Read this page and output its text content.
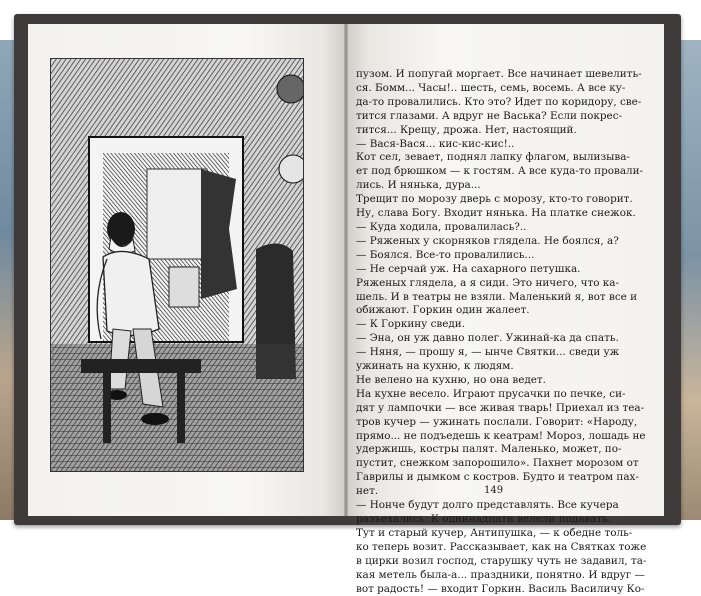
пузом. И попугай моргает. Все начинает шевелить-

ся. Бомм... Часы!.. шесть, семь, восемь. А все ку-

да-то провалились. Кто это? Идет по коридору, свe-

тится глазами. А вдруг не Васька? Если покрес-

тится... Крещу, дрожа. Нет, настоящий.

— Вася-Вася... кис-кис-кис!..

Кот сел, зевает, поднял лапку флагом, вылизыва-

ет под брюшком — к гостям. А все куда-то провали-

лись. И нянька, дура...

Трещит по морозу дверь с морозу, кто-то говорит.

Ну, слава Богу. Входит нянька. На платке снежок.

— Куда ходила, провалилась?..

— Ряженых у скорняков глядела. Не боялся, а?

— Боялся. Все-то провалились...

— Не серчай уж. На сахарного петушка.

Ряженых глядела, а я сиди. Это ничего, что ка-

шель. И в театры не взяли. Маленький я, вот все и

обижают. Горкин один жалеет.

— К Горкину сведи.

— Эна, он уж давно полег. Ужинай-ка да спать.

— Няня, — прошу я, — ынче Святки... сведи уж

ужинать на кухню, к людям.

Не велено на кухню, но она ведет.

На кухне весело. Играют прусачки по печке, си-

дят у лампочки — все живая тварь! Приехал из теа-

тров кучер — ужинать послали. Говорит: «Народу,

прямо... не подъедешь к кеатрам! Мороз, лошадь не

удержишь, костры палят. Маленько, может, по-

пустит, снежком запорошило». Пахнет морозом от

Гаврилы и дымком с костров. Будто и театром пах-

нет.

— Нонче будут долго представлять. Все кучера

разъехались. К одиннадцати велели подавать.

Тут и старый кучер, Антипушка, — к обедне толь-

ко теперь возит. Рассказывает, как на Святках тоже

в цирки возил господ, старушку чуть не задавил, та-

кая метель была-а... праздники, понятно. И вдруг —

вот радость! — входит Горкин. Василь Василичу Ко-

149
